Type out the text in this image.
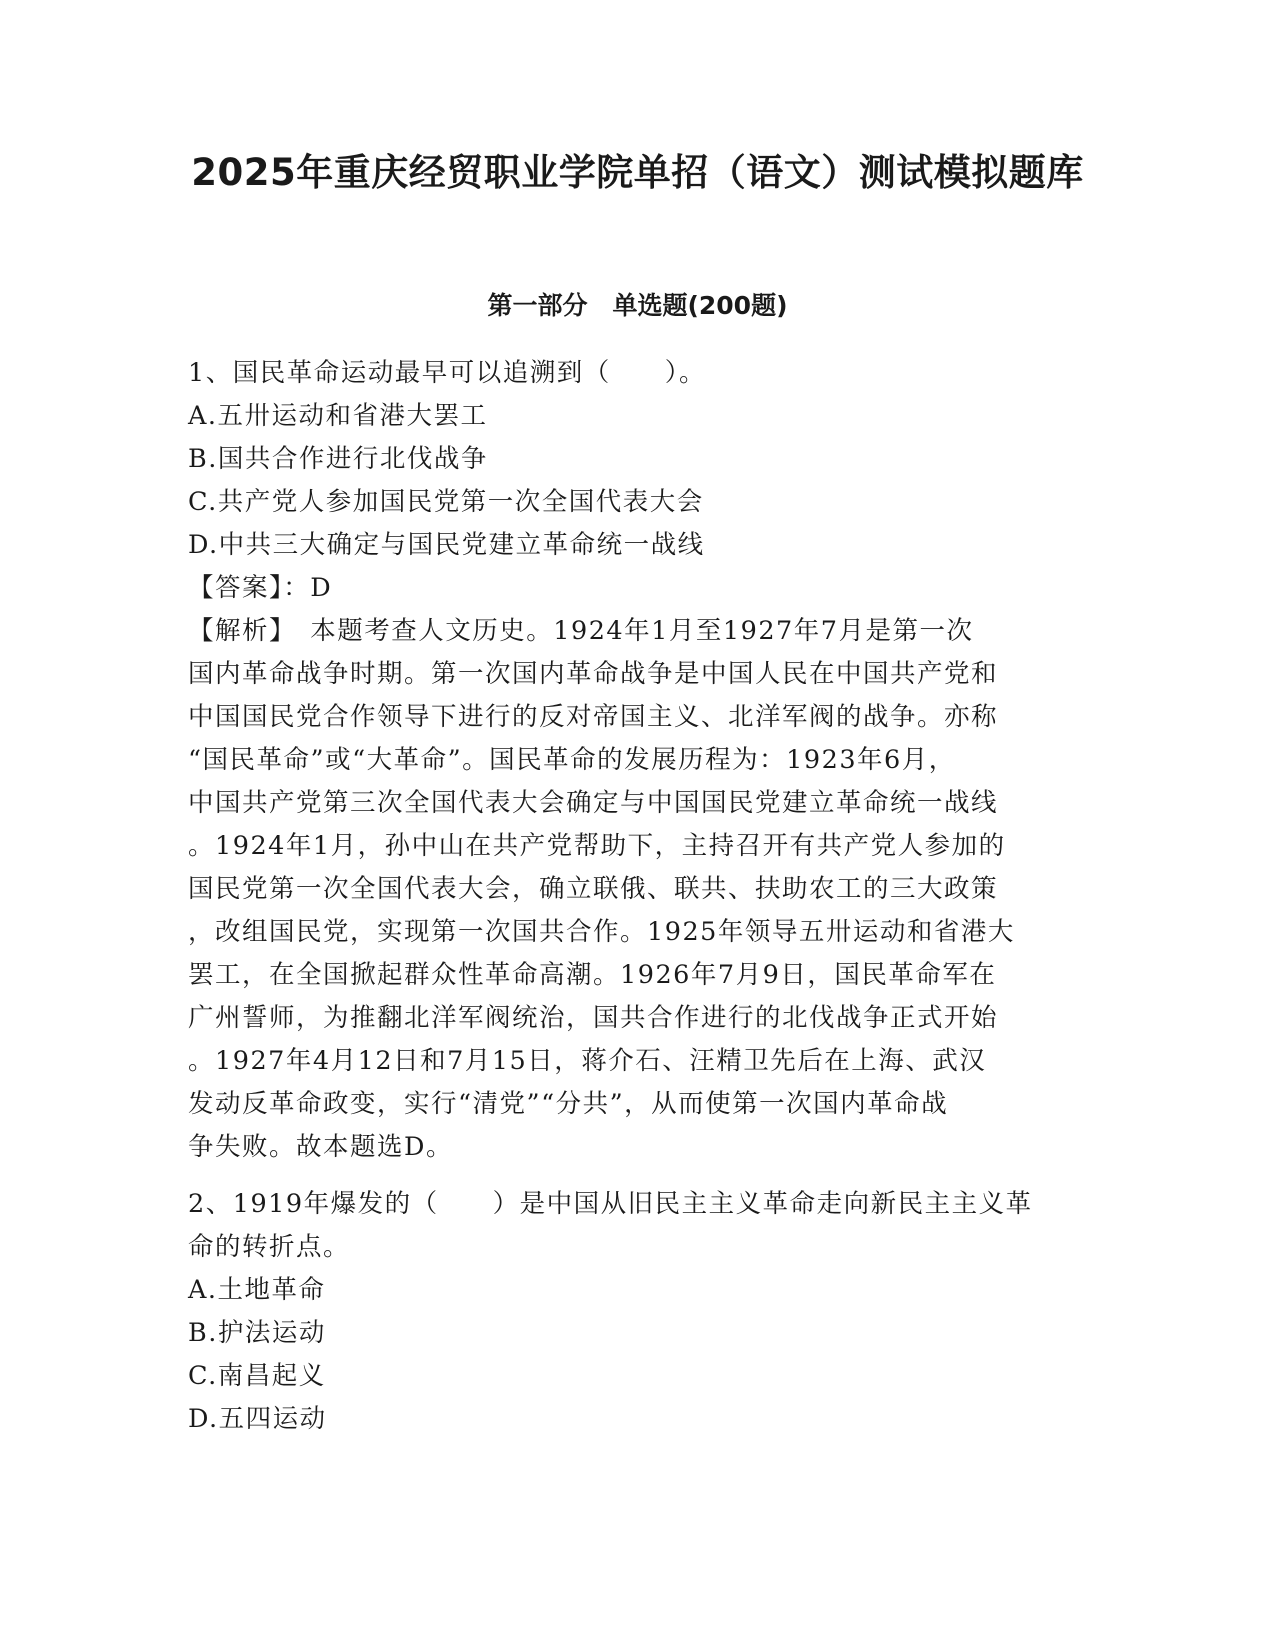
2025年重庆经贸职业学院单招（语文）测试模拟题库
第一部分　单选题(200题)
1、国民革命运动最早可以追溯到（　　）。
A.五卅运动和省港大罢工
B.国共合作进行北伐战争
C.共产党人参加国民党第一次全国代表大会
D.中共三大确定与国民党建立革命统一战线
【答案】：D
【解析】　本题考查人文历史。1924年1月至1927年7月是第一次
国内革命战争时期。第一次国内革命战争是中国人民在中国共产党和
中国国民党合作领导下进行的反对帝国主义、北洋军阀的战争。亦称
“国民革命”或“大革命”。国民革命的发展历程为：1923年6月，
中国共产党第三次全国代表大会确定与中国国民党建立革命统一战线
。1924年1月，孙中山在共产党帮助下，主持召开有共产党人参加的
国民党第一次全国代表大会，确立联俄、联共、扶助农工的三大政策
，改组国民党，实现第一次国共合作。1925年领导五卅运动和省港大
罢工，在全国掀起群众性革命高潮。1926年7月9日，国民革命军在
广州誓师，为推翻北洋军阀统治，国共合作进行的北伐战争正式开始
。1927年4月12日和7月15日，蒋介石、汪精卫先后在上海、武汉
发动反革命政变，实行“清党”“分共”，从而使第一次国内革命战
争失败。故本题选D。
2、1919年爆发的（　　）是中国从旧民主主义革命走向新民主主义革
命的转折点。
A.土地革命
B.护法运动
C.南昌起义
D.五四运动
